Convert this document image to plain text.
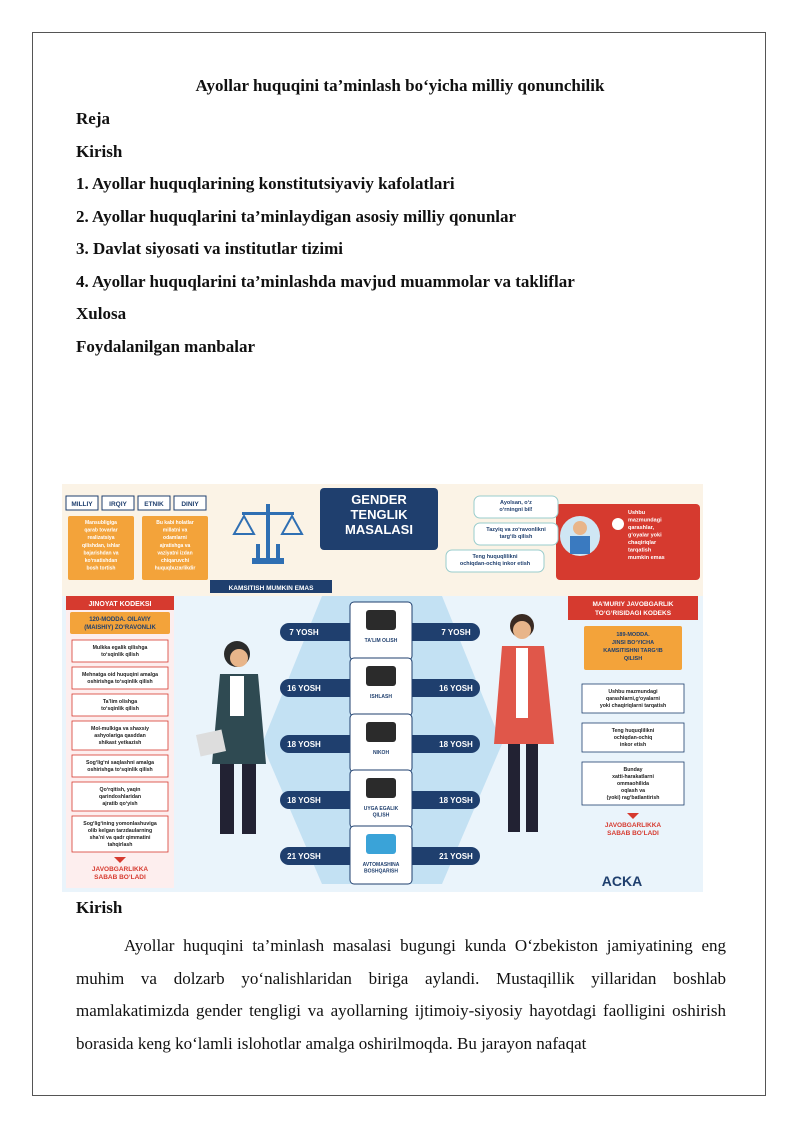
Ayollar huquqini ta’minlash bo‘yicha milliy qonunchilik
Reja
Kirish
1. Ayollar huquqlarining konstitutsiyaviy kafolatlari
2. Ayollar huquqlarini ta’minlaydigan asosiy milliy qonunlar
3. Davlat siyosati va institutlar tizimi
4. Ayollar huquqlarini ta’minlashda mavjud muammolar va takliflar
Xulosa
Foydalanilgan manbalar
7 YOSH	7 YOSH
TA’LIM OLISH
16 YOSH	16 YOSH
ISHLASH
18 YOSH	18 YOSH
NIKOH
18 YOSH	18 YOSH
UYGA EGALIK QILISH
21 YOSH	21 YOSH
AVTOMASHINA BOSHQARISH
Mulkka egalik qilishga to‘sqinlik qilish
Mehnatga oid huquqini amalga oshirishga to‘sqinlik qilish
Ta’lim olishga to‘sqinlik qilish
Mol-mulkiga va shaxsiy ashyolariga qasddan shikast yetkazish
Sog‘lig‘ni saqlashni amalga oshirishga to‘sqinlik qilish
Qo‘rqitish, yaqin qarindoshlaridan ajratib qo‘yish
Sog‘lig‘ining yomonlashuviga olib kelgan tarzdaularning sha’ni va qadr qimmatini tahqirlash
Ushbu mazmundagi qarashlarni,g‘oyalarni yoki chaqiriqlarni tarqatish
Teng huquqlilikni ochiqdan-ochiq inkor etish
Bunday xatti-harakatlarni ommaohilida oqlash va (yoki) rag‘batlantirish
GENDER TENGLIK MASALASI
MILLIY	IRQIY	ETNIK	DINIY
Mansubligiga qarab tovarlar realizatsiya qilishdan, ishlar bajarishdan va ko‘rsatishdan bosh tortish
Bu kabi holatlar millatni va odamlarni ajratishga va vaziyatni izdan chiqaruvchi huquqbuzarlikdir
KAMSITISH MUMKIN EMAS
Ayolsan, o‘z o‘rningni bil!
Tazyiq va zo‘ravonlikni targ‘ib qilish
Teng huquqlilikni ochiqdan-ochiq inkor etish
Ushbu mazmundagi qarashlar, g‘oyalar yoki chaqiriqlar tarqatish mumkin emas
JINOYAT KODEKSI
120-MODDA. OILAVIY (MAISHIY) ZO‘RAVONLIK
JAVOBGARLIKKA SABAB BO‘LADI
MA’MURIY JAVOBGARLIK TO‘G‘RISIDAGI KODEKS
189-MODDA. JINSI BO‘YICHA KAMSITISHNI TARG‘IB QILISH
JAVOBGARLIKKA SABAB BO‘LADI
ACKA
Kirish

Ayollar huquqini ta’minlash masalasi bugungi kunda O‘zbekiston jamiyatining eng muhim va dolzarb yo‘nalishlaridan biriga aylandi. Mustaqillik yillaridan boshlab mamlakatimizda gender tengligi va ayollarning ijtimoiy-siyosiy hayotdagi faolligini oshirish borasida keng ko‘lamli islohotlar amalga oshirilmoqda. Bu jarayon nafaqat
